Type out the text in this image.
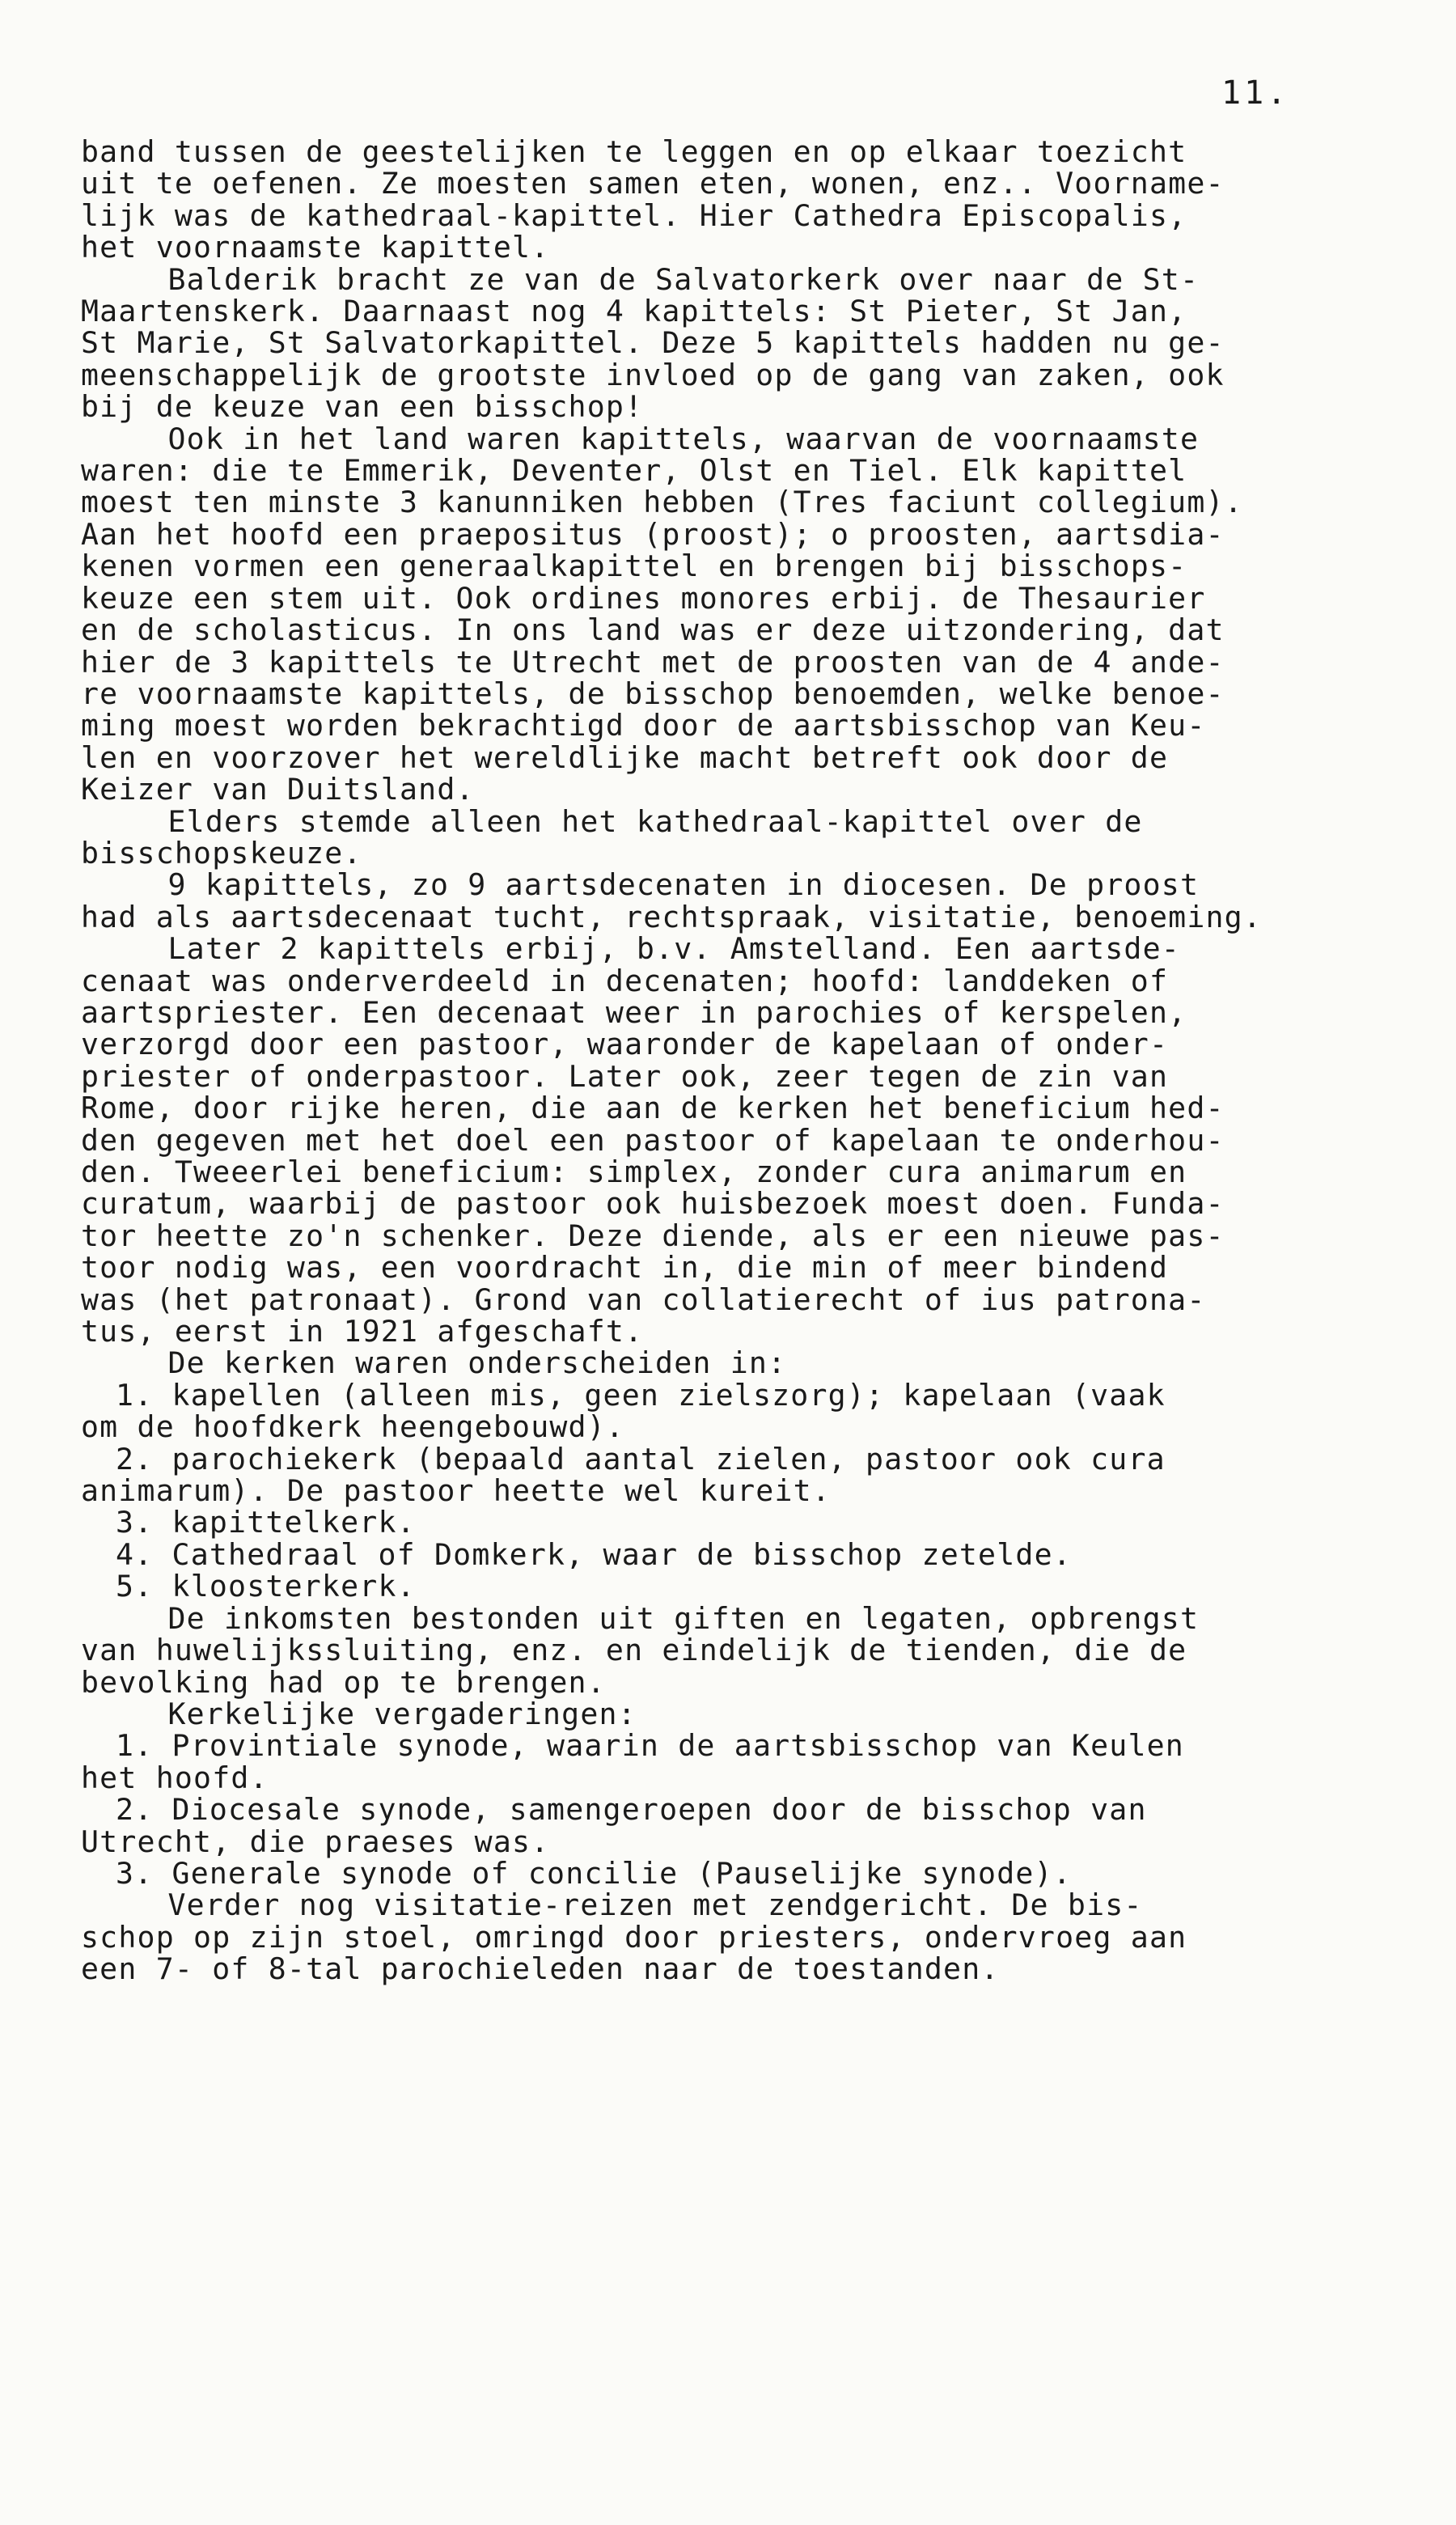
11.
band tussen de geestelijken te leggen en op elkaar toezicht
uit te oefenen. Ze moesten samen eten, wonen, enz.. Voorname-
lijk was de kathedraal-kapittel. Hier Cathedra Episcopalis,
het voornaamste kapittel.
Balderik bracht ze van de Salvatorkerk over naar de St-
Maartenskerk. Daarnaast nog 4 kapittels: St Pieter, St Jan,
St Marie, St Salvatorkapittel. Deze 5 kapittels hadden nu ge-
meenschappelijk de grootste invloed op de gang van zaken, ook
bij de keuze van een bisschop!
Ook in het land waren kapittels, waarvan de voornaamste
waren: die te Emmerik, Deventer, Olst en Tiel. Elk kapittel
moest ten minste 3 kanunniken hebben (Tres faciunt collegium).
Aan het hoofd een praepositus (proost); o proosten, aartsdia-
kenen vormen een generaalkapittel en brengen bij bisschops-
keuze een stem uit. Ook ordines monores erbij. de Thesaurier
en de scholasticus. In ons land was er deze uitzondering, dat
hier de 3 kapittels te Utrecht met de proosten van de 4 ande-
re voornaamste kapittels, de bisschop benoemden, welke benoe-
ming moest worden bekrachtigd door de aartsbisschop van Keu-
len en voorzover het wereldlijke macht betreft ook door de
Keizer van Duitsland.
Elders stemde alleen het kathedraal-kapittel over de
bisschopskeuze.
9 kapittels, zo 9 aartsdecenaten in diocesen. De proost
had als aartsdecenaat tucht, rechtspraak, visitatie, benoeming.
Later 2 kapittels erbij, b.v. Amstelland. Een aartsde-
cenaat was onderverdeeld in decenaten; hoofd: landdeken of
aartspriester. Een decenaat weer in parochies of kerspelen,
verzorgd door een pastoor, waaronder de kapelaan of onder-
priester of onderpastoor. Later ook, zeer tegen de zin van
Rome, door rijke heren, die aan de kerken het beneficium hed-
den gegeven met het doel een pastoor of kapelaan te onderhou-
den. Tweeerlei beneficium: simplex, zonder cura animarum en
curatum, waarbij de pastoor ook huisbezoek moest doen. Funda-
tor heette zo'n schenker. Deze diende, als er een nieuwe pas-
toor nodig was, een voordracht in, die min of meer bindend
was (het patronaat). Grond van collatierecht of ius patrona-
tus, eerst in 1921 afgeschaft.
De kerken waren onderscheiden in:
1. kapellen (alleen mis, geen zielszorg); kapelaan (vaak
om de hoofdkerk heengebouwd).
2. parochiekerk (bepaald aantal zielen, pastoor ook cura
animarum). De pastoor heette wel kureit.
3. kapittelkerk.
4. Cathedraal of Domkerk, waar de bisschop zetelde.
5. kloosterkerk.
De inkomsten bestonden uit giften en legaten, opbrengst
van huwelijkssluiting, enz. en eindelijk de tienden, die de
bevolking had op te brengen.
Kerkelijke vergaderingen:
1. Provintiale synode, waarin de aartsbisschop van Keulen
het hoofd.
2. Diocesale synode, samengeroepen door de bisschop van
Utrecht, die praeses was.
3. Generale synode of concilie (Pauselijke synode).
Verder nog visitatie-reizen met zendgericht. De bis-
schop op zijn stoel, omringd door priesters, ondervroeg aan
een 7- of 8-tal parochieleden naar de toestanden.
